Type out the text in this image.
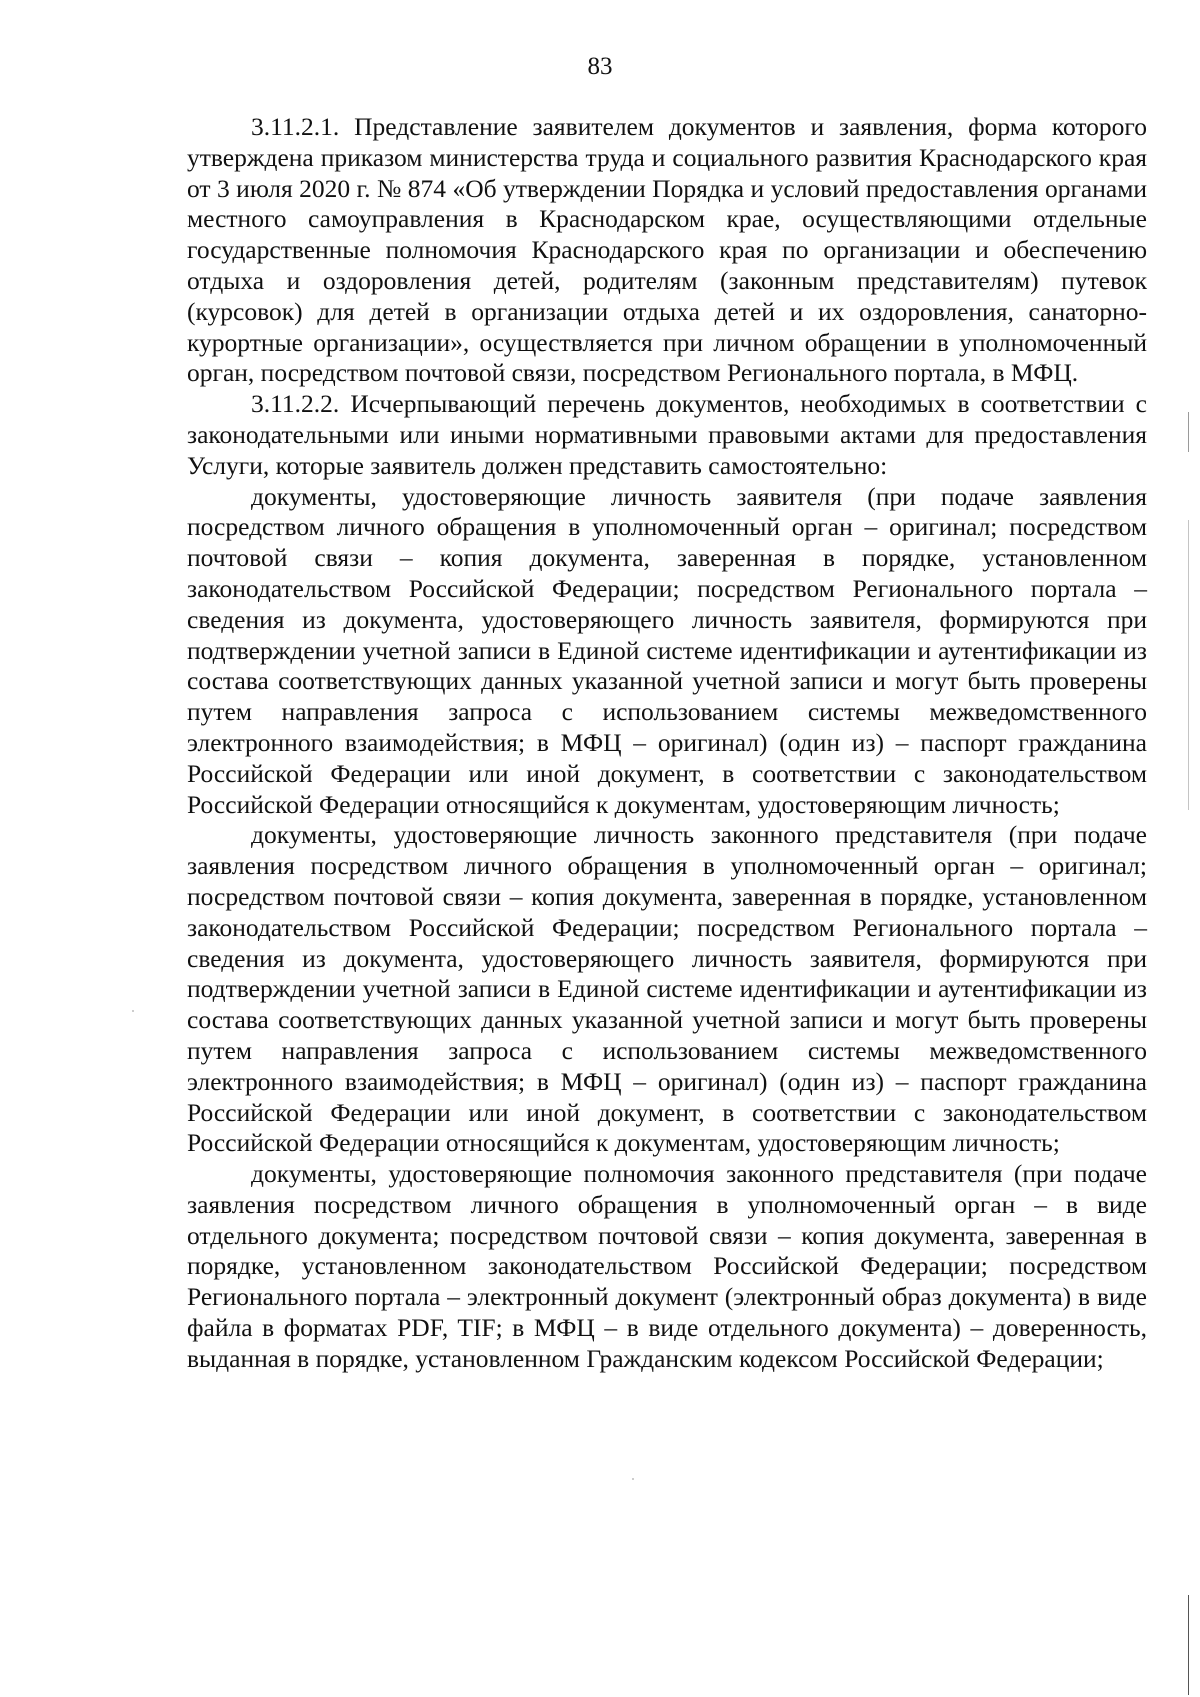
83

3.11.2.1. Представление заявителем документов и заявления, форма которого утверждена приказом министерства труда и социального развития Краснодарского края от 3 июля 2020 г. № 874 «Об утверждении Порядка и условий предоставления органами местного самоуправления в Краснодарском крае, осуществляющими отдельные государственные полномочия Краснодарского края по организации и обеспечению отдыха и оздоровления детей, родителям (законным представителям) путевок (курсовок) для детей в организации отдыха детей и их оздоровления, санаторно-курортные организации», осуществляется при личном обращении в уполномоченный орган, посредством почтовой связи, посредством Регионального портала, в МФЦ.

3.11.2.2. Исчерпывающий перечень документов, необходимых в соответствии с законодательными или иными нормативными правовыми актами для предоставления Услуги, которые заявитель должен представить самостоятельно:

документы, удостоверяющие личность заявителя (при подаче заявления посредством личного обращения в уполномоченный орган – оригинал; посредством почтовой связи – копия документа, заверенная в порядке, установленном законодательством Российской Федерации; посредством Регионального портала – сведения из документа, удостоверяющего личность заявителя, формируются при подтверждении учетной записи в Единой системе идентификации и аутентификации из состава соответствующих данных указанной учетной записи и могут быть проверены путем направления запроса с использованием системы межведомственного электронного взаимодействия; в МФЦ – оригинал) (один из) – паспорт гражданина Российской Федерации или иной документ, в соответствии с законодательством Российской Федерации относящийся к документам, удостоверяющим личность;

документы, удостоверяющие личность законного представителя (при подаче заявления посредством личного обращения в уполномоченный орган – оригинал; посредством почтовой связи – копия документа, заверенная в порядке, установленном законодательством Российской Федерации; посредством Регионального портала – сведения из документа, удостоверяющего личность заявителя, формируются при подтверждении учетной записи в Единой системе идентификации и аутентификации из состава соответствующих данных указанной учетной записи и могут быть проверены путем направления запроса с использованием системы межведомственного электронного взаимодействия; в МФЦ – оригинал) (один из) – паспорт гражданина Российской Федерации или иной документ, в соответствии с законодательством Российской Федерации относящийся к документам, удостоверяющим личность;

документы, удостоверяющие полномочия законного представителя (при подаче заявления посредством личного обращения в уполномоченный орган – в виде отдельного документа; посредством почтовой связи – копия документа, заверенная в порядке, установленном законодательством Российской Федерации; посредством Регионального портала – электронный документ (электронный образ документа) в виде файла в форматах PDF, TIF; в МФЦ – в виде отдельного документа) – доверенность, выданная в порядке, установленном Гражданским кодексом Российской Федерации;
